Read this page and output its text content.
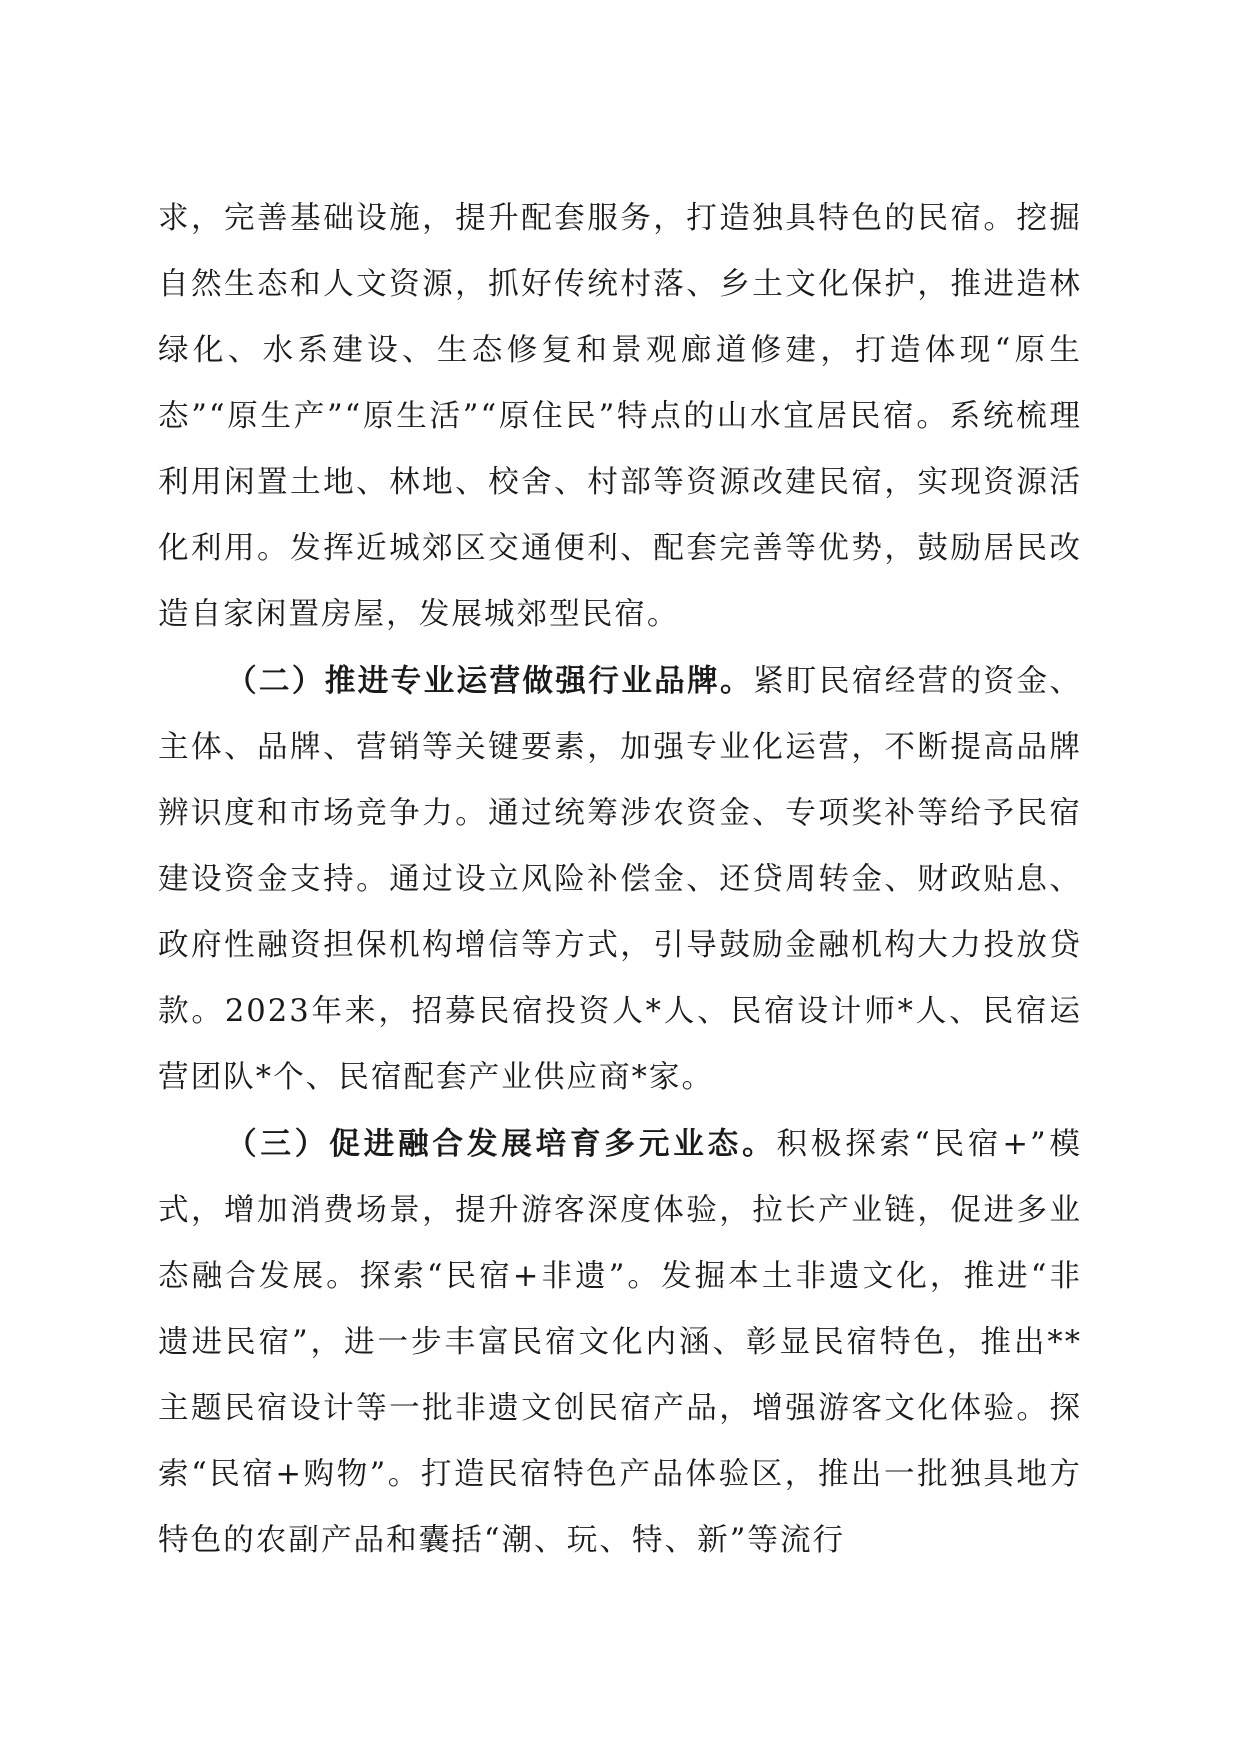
求，完善基础设施，提升配套服务，打造独具特色的民宿。挖掘自然生态和人文资源，抓好传统村落、乡土文化保护，推进造林绿化、水系建设、生态修复和景观廊道修建，打造体现“原生态”“原生产”“原生活”“原住民”特点的山水宜居民宿。系统梳理利用闲置土地、林地、校舍、村部等资源改建民宿，实现资源活化利用。发挥近城郊区交通便利、配套完善等优势，鼓励居民改造自家闲置房屋，发展城郊型民宿。

（二）推进专业运营做强行业品牌。紧盯民宿经营的资金、主体、品牌、营销等关键要素，加强专业化运营，不断提高品牌辨识度和市场竞争力。通过统筹涉农资金、专项奖补等给予民宿建设资金支持。通过设立风险补偿金、还贷周转金、财政贴息、政府性融资担保机构增信等方式，引导鼓励金融机构大力投放贷款。2023年来，招募民宿投资人*人、民宿设计师*人、民宿运营团队*个、民宿配套产业供应商*家。

（三）促进融合发展培育多元业态。积极探索“民宿+”模式，增加消费场景，提升游客深度体验，拉长产业链，促进多业态融合发展。探索“民宿+非遗”。发掘本土非遗文化，推进“非遗进民宿”，进一步丰富民宿文化内涵、彰显民宿特色，推出**主题民宿设计等一批非遗文创民宿产品，增强游客文化体验。探索“民宿+购物”。打造民宿特色产品体验区，推出一批独具地方特色的农副产品和囊括“潮、玩、特、新”等流行
